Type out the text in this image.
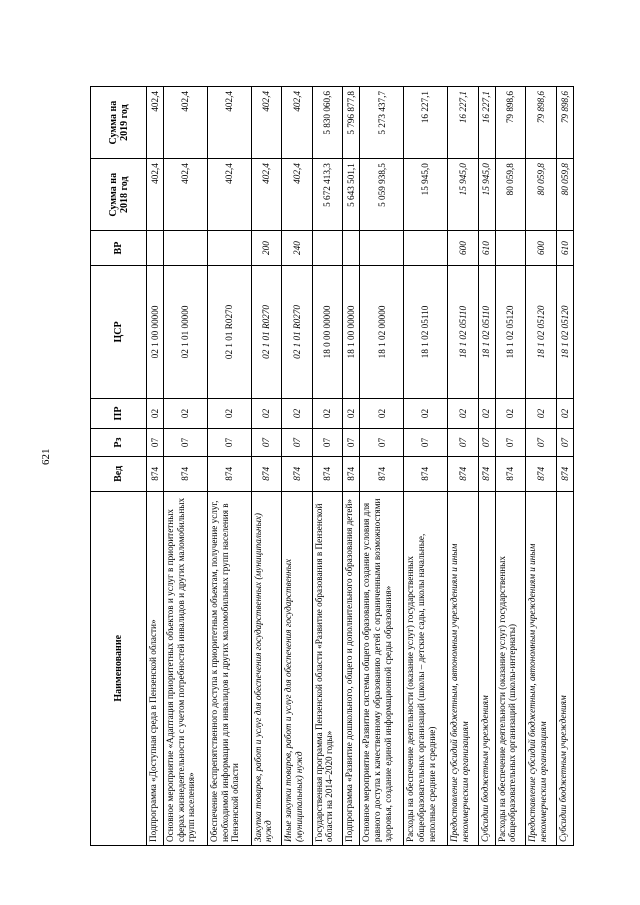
621
Наименование	Вед	Рз	ПР	ЦСР	ВР	Сумма на 2018 год	Сумма на 2019 год
Подпрограмма «Доступная среда в Пензенской области»	874	07	02	02 1 00 00000		402,4	402,4
Основное мероприятие «Адаптация приоритетных объектов и услуг в приоритетных сферах жизнедеятельности с учетом потребностей инвалидов и других маломобильных групп населения»	874	07	02	02 1 01 00000		402,4	402,4
Обеспечение беспрепятственного доступа к приоритетным объектам, получение услуг, необходимой информации для инвалидов и других маломобильных групп населения в Пензенской области	874	07	02	02 1 01 R0270		402,4	402,4
Закупка товаров, работ и услуг для обеспечения государственных (муниципальных) нужд	874	07	02	02 1 01 R0270	200	402,4	402,4
Иные закупки товаров, работ и услуг для обеспечения государственных (муниципальных) нужд	874	07	02	02 1 01 R0270	240	402,4	402,4
Государственная программа Пензенской области «Развитие образования в Пензенской области на 2014–2020 годы»	874	07	02	18 0 00 00000		5 672 413,3	5 830 060,6
Подпрограмма «Развитие дошкольного, общего и дополнительного образования детей»	874	07	02	18 1 00 00000		5 643 501,1	5 796 877,8
Основное мероприятие «Развитие системы общего образования, создание условия для равного доступа к качественному образованию детей с ограниченными возможностями здоровья, создание единой информационной среды образования»	874	07	02	18 1 02 00000		5 059 938,5	5 273 437,7
Расходы на обеспечение деятельности (оказание услуг) государственных общеобразовательных организаций (школы – детские сады, школы начальные, неполные средние и средние)	874	07	02	18 1 02 05110		15 945,0	16 227,1
Предоставление субсидий бюджетным, автономным учреждениям и иным некоммерческим организациям	874	07	02	18 1 02 05110	600	15 945,0	16 227,1
Субсидии бюджетным учреждениям	874	07	02	18 1 02 05110	610	15 945,0	16 227,1
Расходы на обеспечение деятельности (оказание услуг) государственных общеобразовательных организаций (школы-интернаты)	874	07	02	18 1 02 05120		80 059,8	79 898,6
Предоставление субсидий бюджетным, автономным учреждениям и иным некоммерческим организациям	874	07	02	18 1 02 05120	600	80 059,8	79 898,6
Субсидии бюджетным учреждениям	874	07	02	18 1 02 05120	610	80 059,8	79 898,6
